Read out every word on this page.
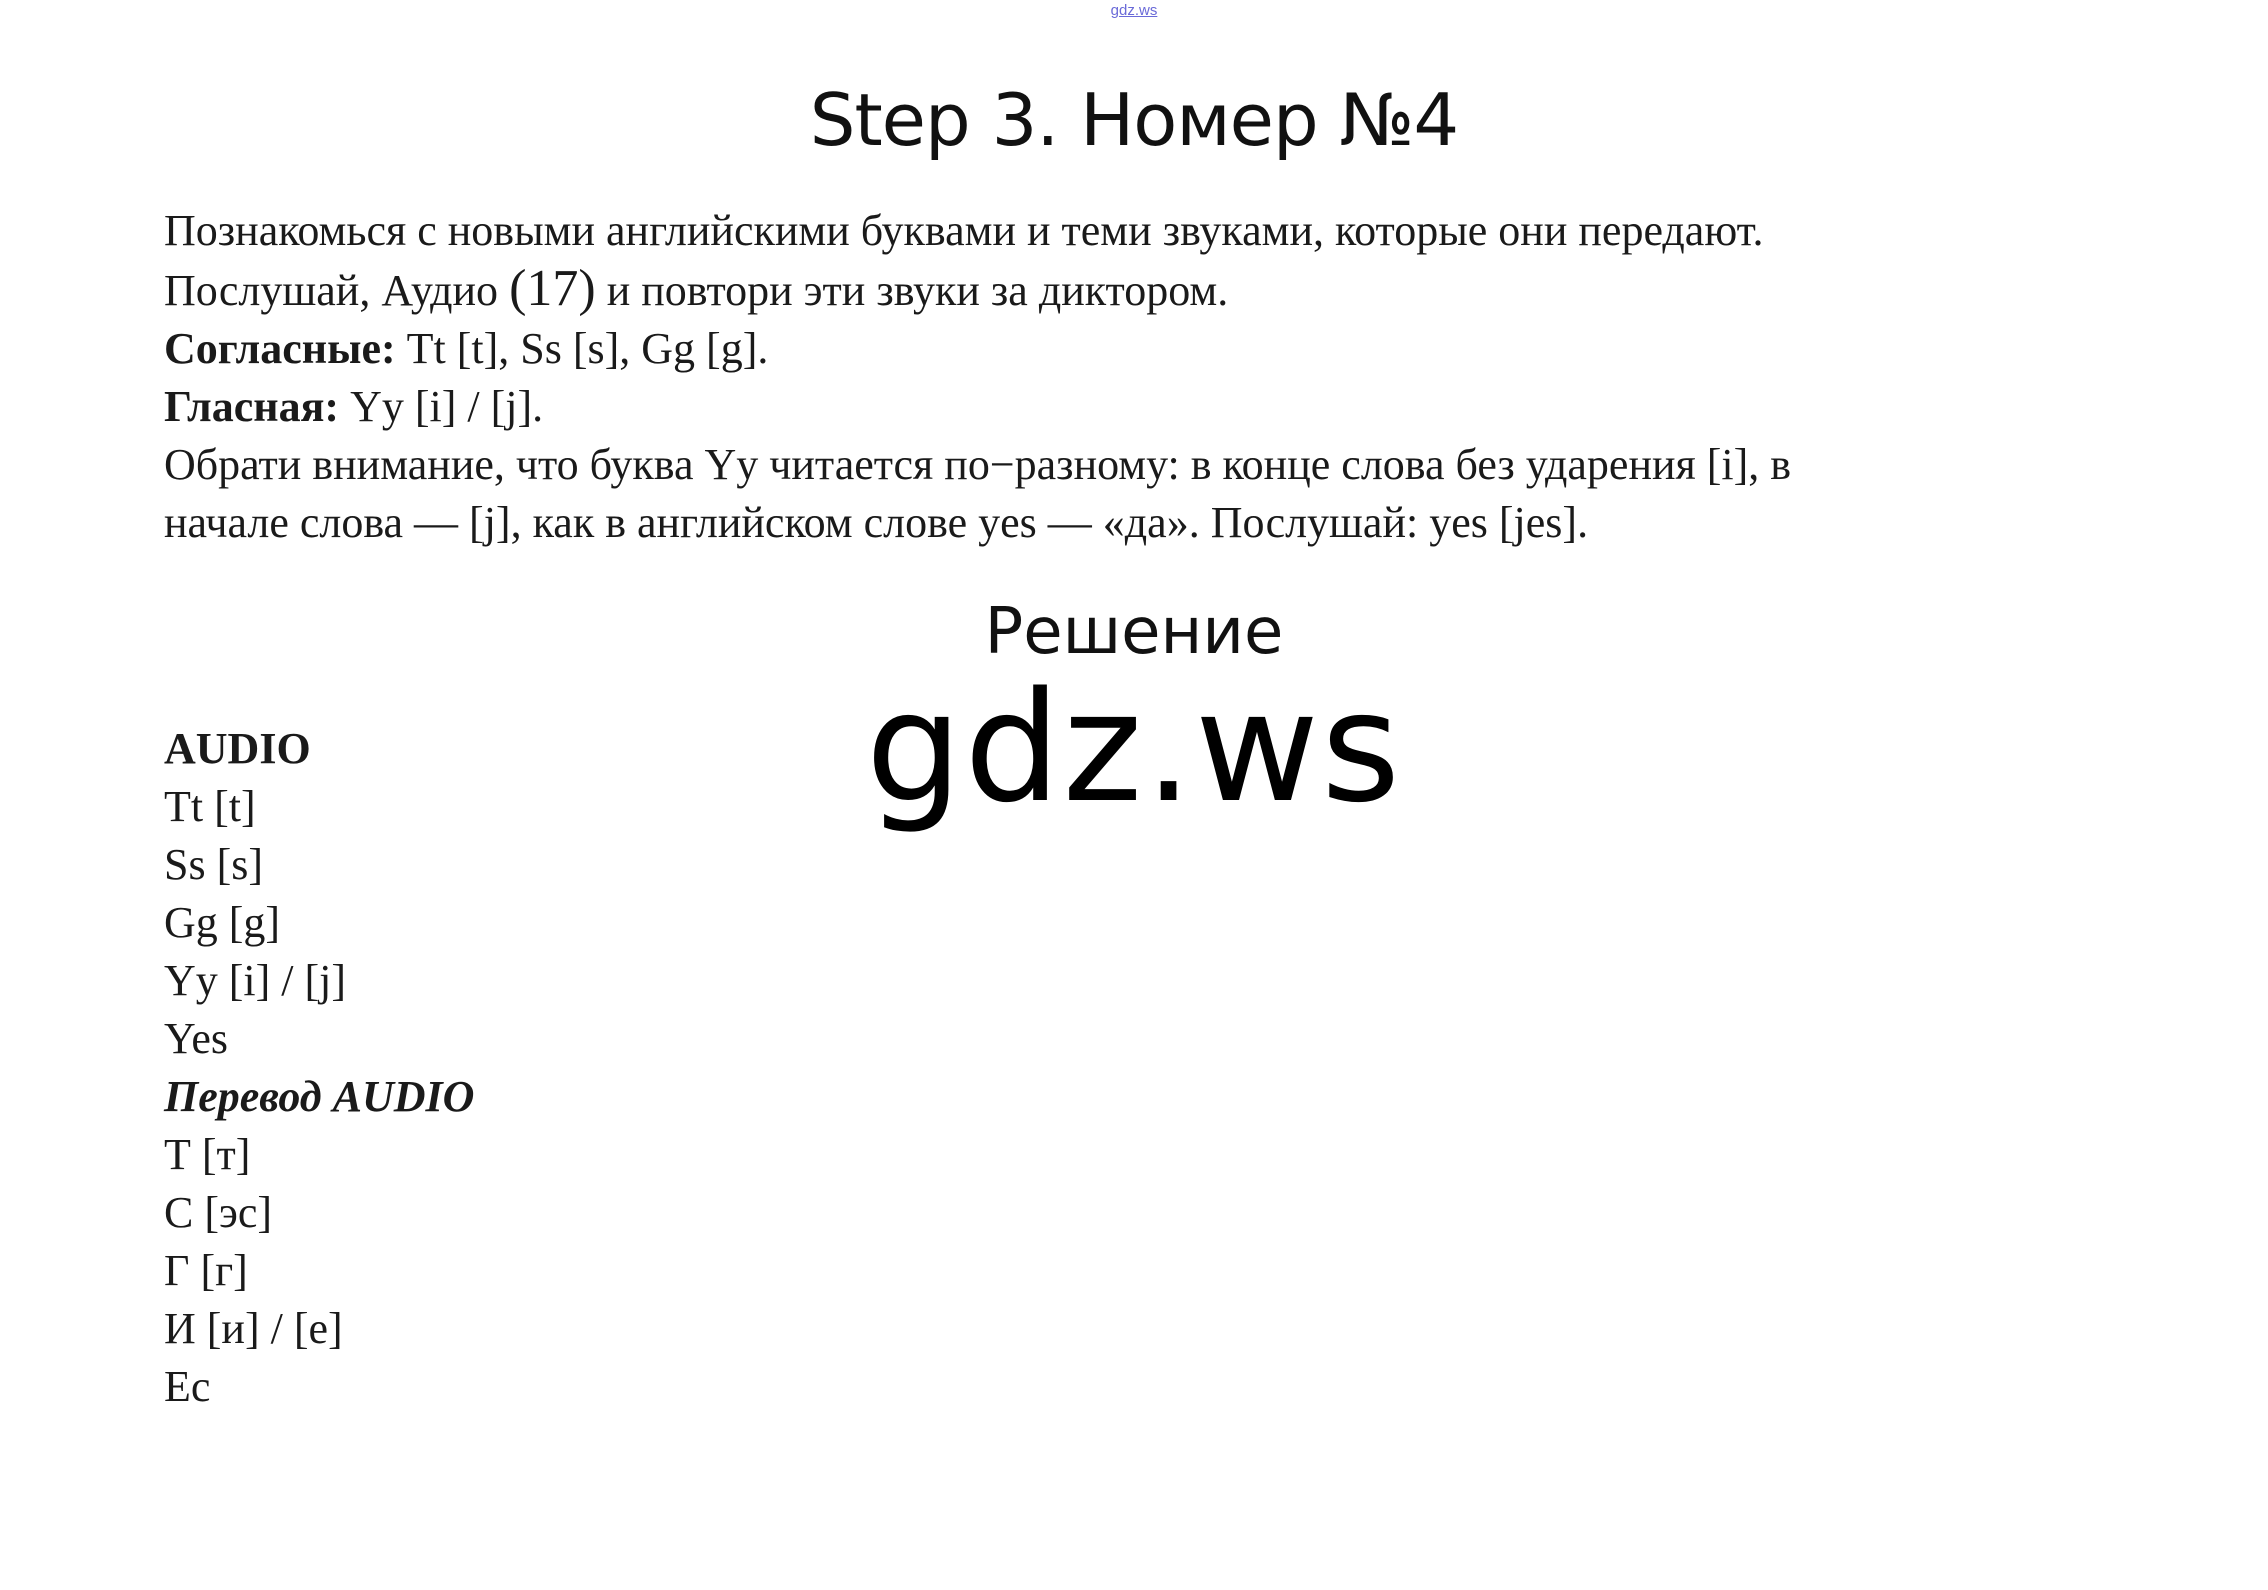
gdz.ws
Step 3. Номер №4
Познакомься с новыми английскими буквами и теми звуками, которые они передают.
Послушай, Аудио (17) и повтори эти звуки за диктором.
Согласные: Tt [t], Ss [s], Gg [g].
Гласная: Yy [i] / [j].
Обрати внимание, что буква Yy читается по−разному: в конце слова без ударения [i], в
начале слова — [j], как в английском слове yes — «да». Послушай: yes [jes].
Решение
gdz.ws
AUDIO
Tt [t]
Ss [s]
Gg [g]
Yy [i] / [j]
Yes
Перевод AUDIO
Т [т]
С [эс]
Г [г]
И [и] / [е]
Ес
